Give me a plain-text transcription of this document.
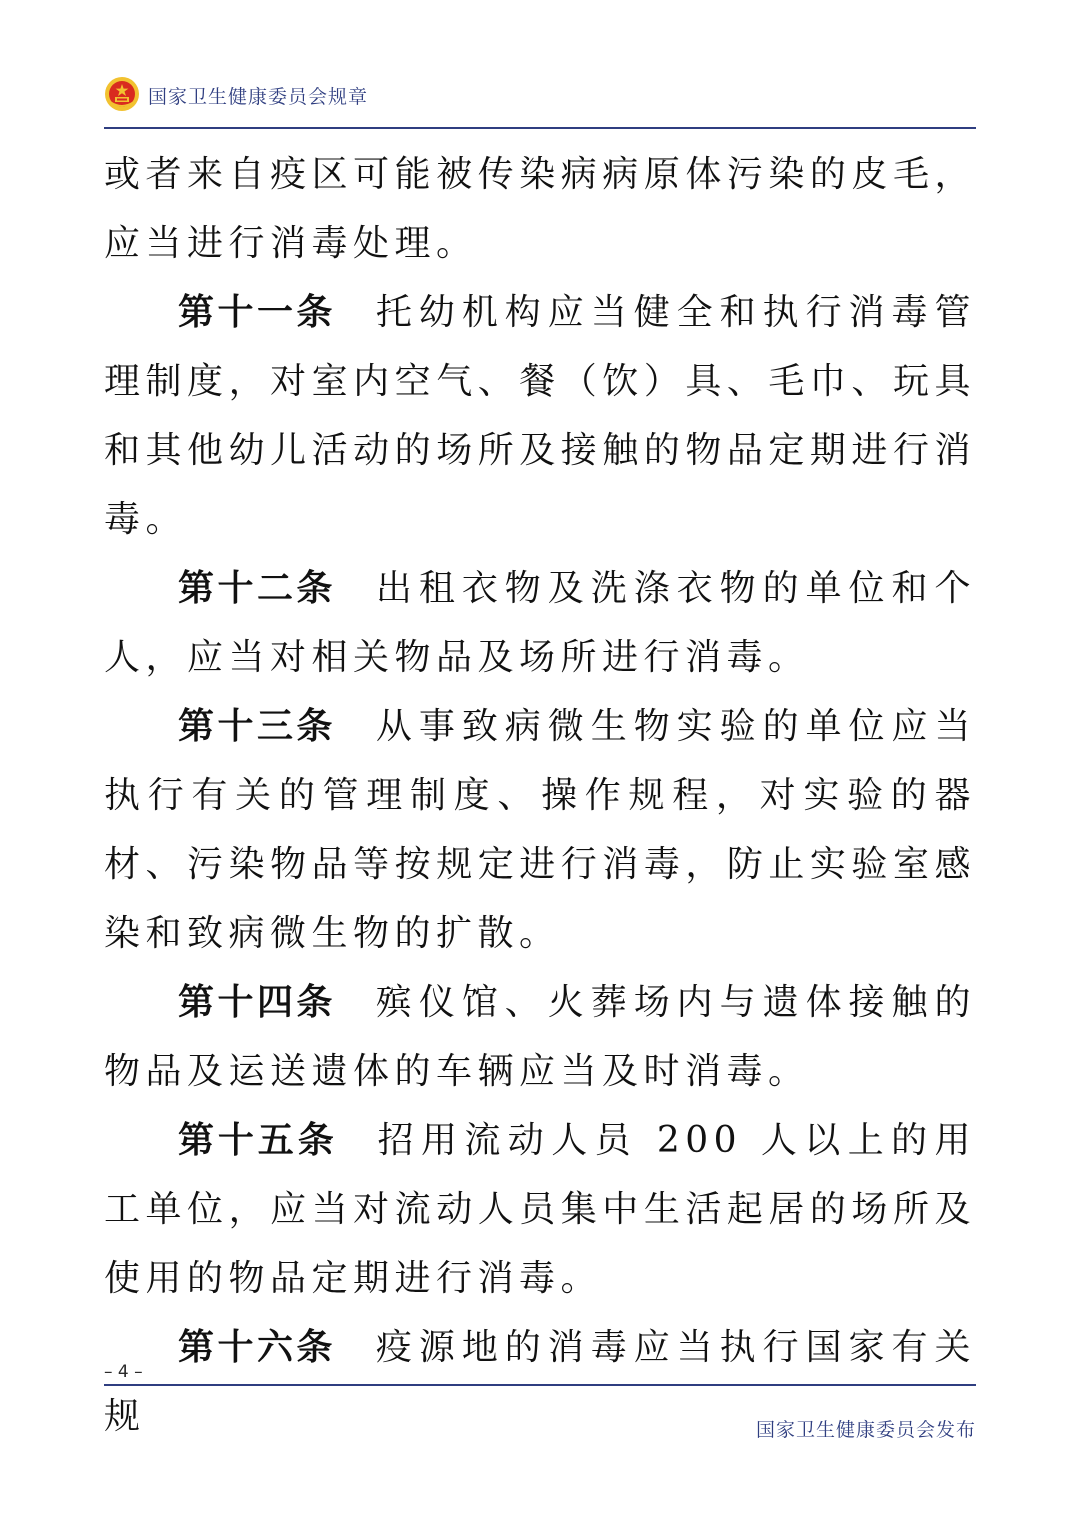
国家卫生健康委员会规章

或者来自疫区可能被传染病病原体污染的皮毛，应当进行消毒处理。

第十一条 托幼机构应当健全和执行消毒管理制度，对室内空气、餐（饮）具、毛巾、玩具和其他幼儿活动的场所及接触的物品定期进行消毒。

第十二条 出租衣物及洗涤衣物的单位和个人，应当对相关物品及场所进行消毒。

第十三条 从事致病微生物实验的单位应当执行有关的管理制度、操作规程，对实验的器材、污染物品等按规定进行消毒，防止实验室感染和致病微生物的扩散。

第十四条 殡仪馆、火葬场内与遗体接触的物品及运送遗体的车辆应当及时消毒。

第十五条 招用流动人员 200 人以上的用工单位，应当对流动人员集中生活起居的场所及使用的物品定期进行消毒。

第十六条 疫源地的消毒应当执行国家有关规

– 4 –
国家卫生健康委员会发布
